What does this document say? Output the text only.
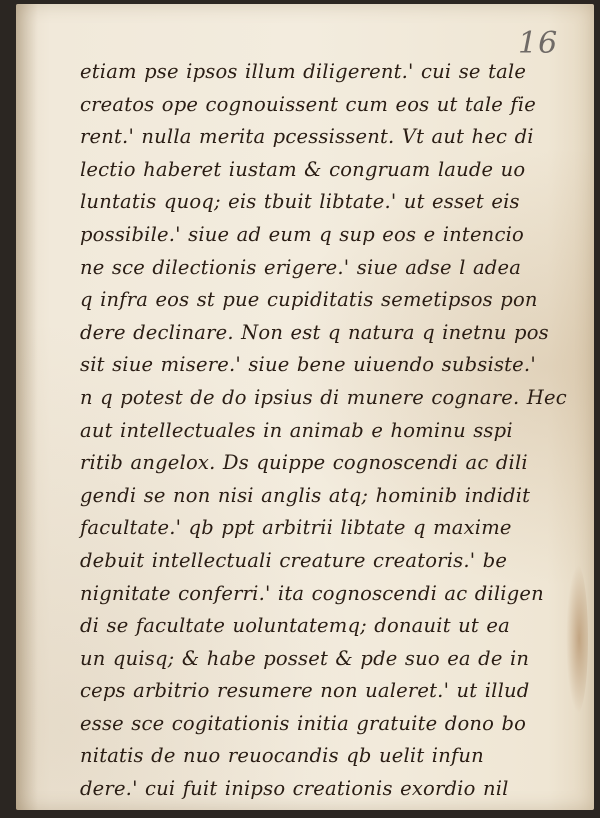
16
etiam pse ipsos illum diligerent.' cui se tale
creatos ope cognouissent cum eos ut tale fie
rent.' nulla merita pcessissent. Vt aut hec di
lectio haberet iustam & congruam laude uo
luntatis quoq; eis tbuit libtate.' ut esset eis
possibile.' siue ad eum q sup eos e intencio
ne sce dilectionis erigere.' siue adse l adea
q infra eos st pue cupiditatis semetipsos pon
dere declinare. Non est q natura q inetnu pos
sit siue misere.' siue bene uiuendo subsiste.'
n q potest de do ipsius di munere cognare. Hec
aut intellectuales in animab e hominu sspi
ritib angelox. Ds quippe cognoscendi ac dili
gendi se non nisi anglis atq; hominib indidit
facultate.' qb ppt arbitrii libtate q maxime
debuit intellectuali creature creatoris.' be
nignitate conferri.' ita cognoscendi ac diligen
di se facultate uoluntatemq; donauit ut ea
un quisq; & habe posset & pde suo ea de in
ceps arbitrio resumere non ualeret.' ut illud
esse sce cogitationis initia gratuite dono bo
nitatis de nuo reuocandis qb uelit infun
dere.' cui fuit inipso creationis exordio nil
